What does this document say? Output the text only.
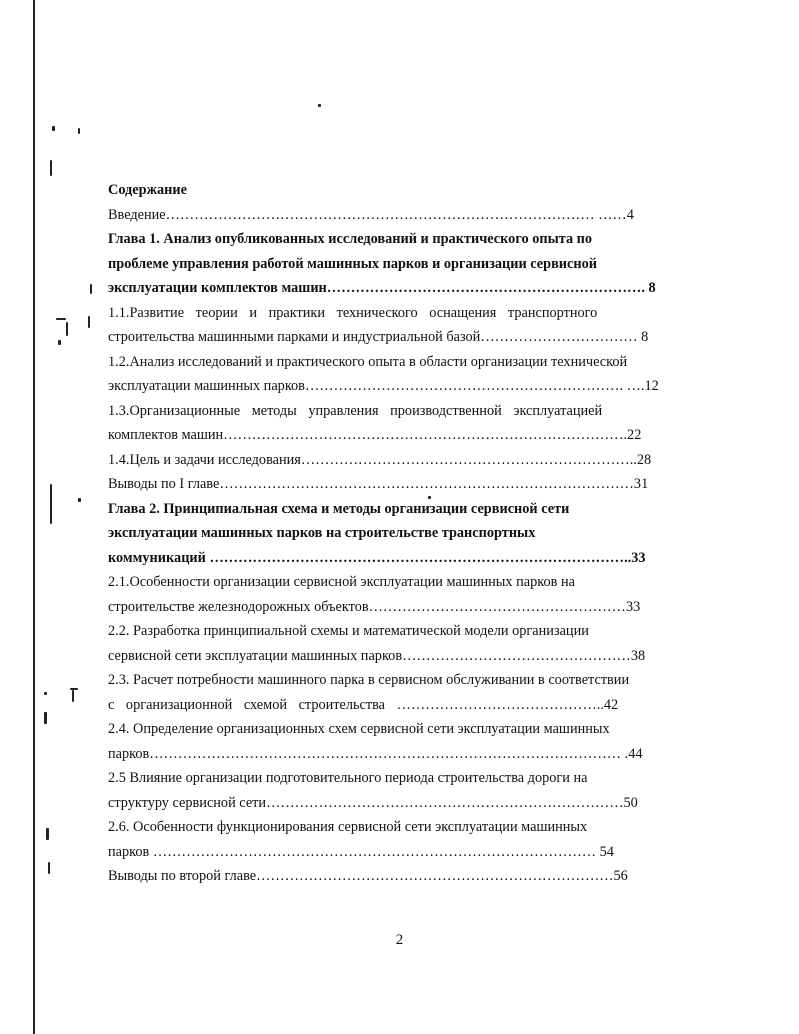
Содержание
Введение……………………………………………………………………………… ……4
Глава 1. Анализ опубликованных исследований и практического опыта по
проблеме управления работой машинных парков и организации сервисной
эксплуатации комплектов машин…………………………………………………………. 8
1.1.Развитие теории и практики технического оснащения транспортного
строительства машинными парками и индустриальной базой…………………………… 8
1.2.Анализ исследований и практического опыта в области организации технической
эксплуатации машинных парков…………………………………………………………. ….12
1.3.Организационные методы управления производственной эксплуатацией
комплектов машин………………………………………………………………………….22
1.4.Цель и задачи исследования……………………………………………………………..28
Выводы по I главе……………………………………………………………………………31
Глава 2. Принципиальная схема и методы организации сервисной сети
эксплуатации машинных парков на строительстве транспортных
коммуникаций ……………………………………………………………………………..33
2.1.Особенности организации сервисной эксплуатации машинных парков на
строительстве железнодорожных объектов………………………………………………33
2.2. Разработка принципиальной схемы и математической модели организации
сервисной сети эксплуатации машинных парков…………………………………………38
2.3. Расчет потребности машинного парка в сервисном обслуживании в соответствии
с организационной схемой строительства ……………………………………..42
2.4. Определение организационных схем сервисной сети эксплуатации машинных
парков……………………………………………………………………………………… .44
2.5 Влияние организации подготовительного периода строительства дороги на
структуру сервисной сети…………………………………………………………………50
2.6. Особенности функционирования сервисной сети эксплуатации машинных
парков ………………………………………………………………………………… 54
Выводы по второй главе…………………………………………………………………56
2
